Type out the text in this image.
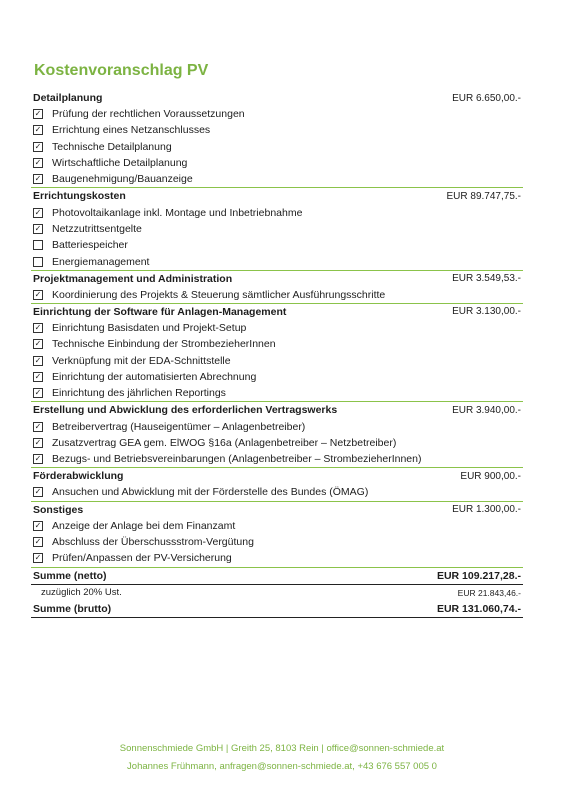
Kostenvoranschlag PV
Detailplanung	EUR 6.650,00.-
✓ Prüfung der rechtlichen Voraussetzungen
✓ Errichtung eines Netzanschlusses
✓ Technische Detailplanung
✓ Wirtschaftliche Detailplanung
✓ Baugenehmigung/Bauanzeige
Errichtungskosten	EUR 89.747,75.-
✓ Photovoltaikanlage inkl. Montage und Inbetriebnahme
✓ Netzzutrittsentgelte
Batteriespeicher
Energiemanagement
Projektmanagement und Administration	EUR 3.549,53.-
✓ Koordinierung des Projekts & Steuerung sämtlicher Ausführungsschritte
Einrichtung der Software für Anlagen-Management	EUR 3.130,00.-
✓ Einrichtung Basisdaten und Projekt-Setup
✓ Technische Einbindung der StrombezieherInnen
✓ Verknüpfung mit der EDA-Schnittstelle
✓ Einrichtung der automatisierten Abrechnung
✓ Einrichtung des jährlichen Reportings
Erstellung und Abwicklung des erforderlichen Vertragswerks	EUR 3.940,00.-
✓ Betreibervertrag (Hauseigentümer – Anlagenbetreiber)
✓ Zusatzvertrag GEA gem. ElWOG §16a (Anlagenbetreiber – Netzbetreiber)
✓ Bezugs- und Betriebsvereinbarungen (Anlagenbetreiber – StrombezieherInnen)
Förderabwicklung	EUR 900,00.-
✓ Ansuchen und Abwicklung mit der Förderstelle des Bundes (ÖMAG)
Sonstiges	EUR 1.300,00.-
✓ Anzeige der Anlage bei dem Finanzamt
✓ Abschluss der Überschussstrom-Vergütung
✓ Prüfen/Anpassen der PV-Versicherung
Summe (netto)	EUR 109.217,28.-
zuzüglich 20% Ust.	EUR 21.843,46.-
Summe (brutto)	EUR 131.060,74.-
Sonnenschmiede GmbH | Greith 25, 8103 Rein | office@sonnen-schmiede.at
Johannes Frühmann, anfragen@sonnen-schmiede.at, +43 676 557 005 0
